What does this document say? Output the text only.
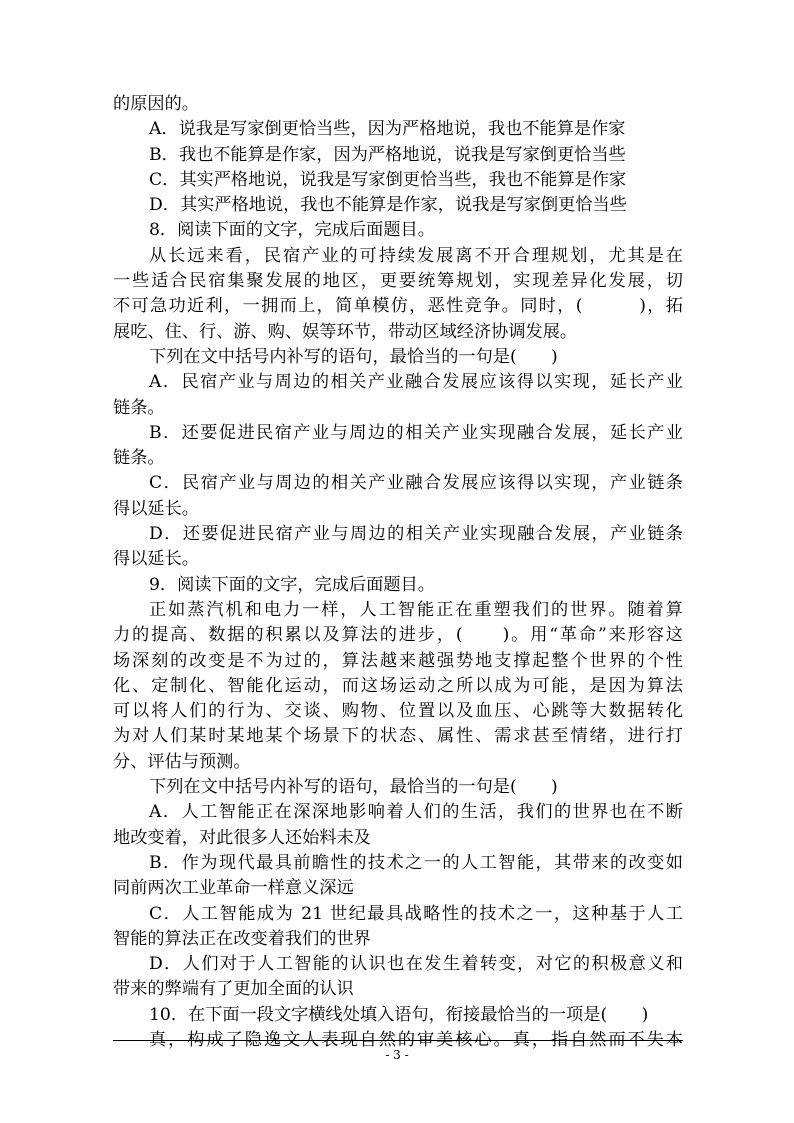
的原因的。
A．说我是写家倒更恰当些，因为严格地说，我也不能算是作家
B．我也不能算是作家，因为严格地说，说我是写家倒更恰当些
C．其实严格地说，说我是写家倒更恰当些，我也不能算是作家
D．其实严格地说，我也不能算是作家，说我是写家倒更恰当些
8．阅读下面的文字，完成后面题目。
从长远来看，民宿产业的可持续发展离不开合理规划，尤其是在
一些适合民宿集聚发展的地区，更要统筹规划，实现差异化发展，切
不可急功近利，一拥而上，简单模仿，恶性竞争。同时，(　　　)，拓
展吃、住、行、游、购、娱等环节，带动区域经济协调发展。
下列在文中括号内补写的语句，最恰当的一句是(　　)
A．民宿产业与周边的相关产业融合发展应该得以实现，延长产业
链条。
B．还要促进民宿产业与周边的相关产业实现融合发展，延长产业
链条。
C．民宿产业与周边的相关产业融合发展应该得以实现，产业链条
得以延长。
D．还要促进民宿产业与周边的相关产业实现融合发展，产业链条
得以延长。
9．阅读下面的文字，完成后面题目。
正如蒸汽机和电力一样，人工智能正在重塑我们的世界。随着算
力的提高、数据的积累以及算法的进步，(　　)。用“革命”来形容这
场深刻的改变是不为过的，算法越来越强势地支撑起整个世界的个性
化、定制化、智能化运动，而这场运动之所以成为可能，是因为算法
可以将人们的行为、交谈、购物、位置以及血压、心跳等大数据转化
为对人们某时某地某个场景下的状态、属性、需求甚至情绪，进行打
分、评估与预测。
下列在文中括号内补写的语句，最恰当的一句是(　　)
A．人工智能正在深深地影响着人们的生活，我们的世界也在不断
地改变着，对此很多人还始料未及
B．作为现代最具前瞻性的技术之一的人工智能，其带来的改变如
同前两次工业革命一样意义深远
C．人工智能成为 21 世纪最具战略性的技术之一，这种基于人工
智能的算法正在改变着我们的世界
D．人们对于人工智能的认识也在发生着转变，对它的积极意义和
带来的弊端有了更加全面的认识
10．在下面一段文字横线处填入语句，衔接最恰当的一项是(　　)
真，构成了隐逸文人表现自然的审美核心。真，指自然而不失本
- 3 -
